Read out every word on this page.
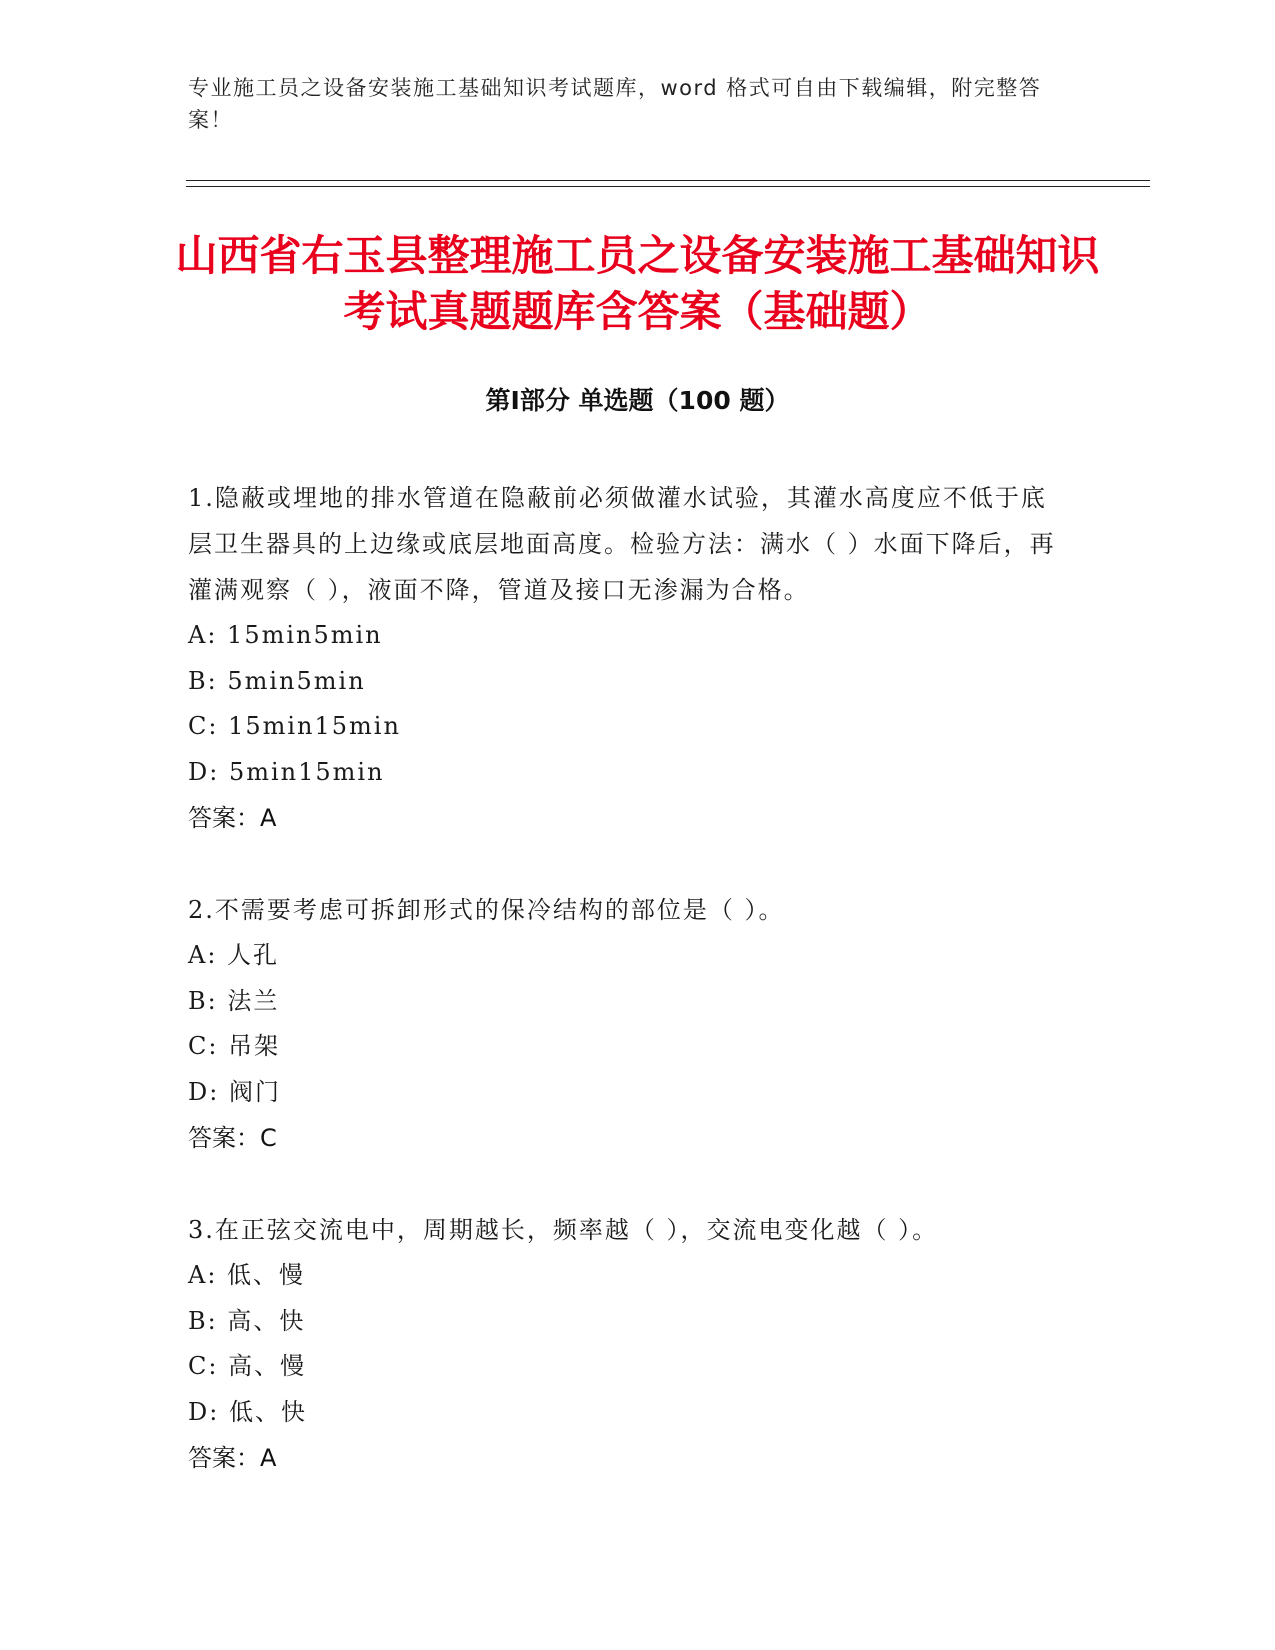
专业施工员之设备安装施工基础知识考试题库，word 格式可自由下载编辑，附完整答案！
山西省右玉县整理施工员之设备安装施工基础知识考试真题题库含答案（基础题）
第Ⅰ部分 单选题（100 题）

1.隐蔽或埋地的排水管道在隐蔽前必须做灌水试验，其灌水高度应不低于底层卫生器具的上边缘或底层地面高度。检验方法：满水（ ）水面下降后，再灌满观察（ ），液面不降，管道及接口无渗漏为合格。

A: 15min5min
B: 5min5min
C: 15min15min
D: 5min15min

答案：A

2.不需要考虑可拆卸形式的保冷结构的部位是（ ）。

A: 人孔
B: 法兰
C: 吊架
D: 阀门

答案：C

3.在正弦交流电中，周期越长，频率越（ ），交流电变化越（ ）。

A: 低、慢
B: 高、快
C: 高、慢
D: 低、快

答案：A
